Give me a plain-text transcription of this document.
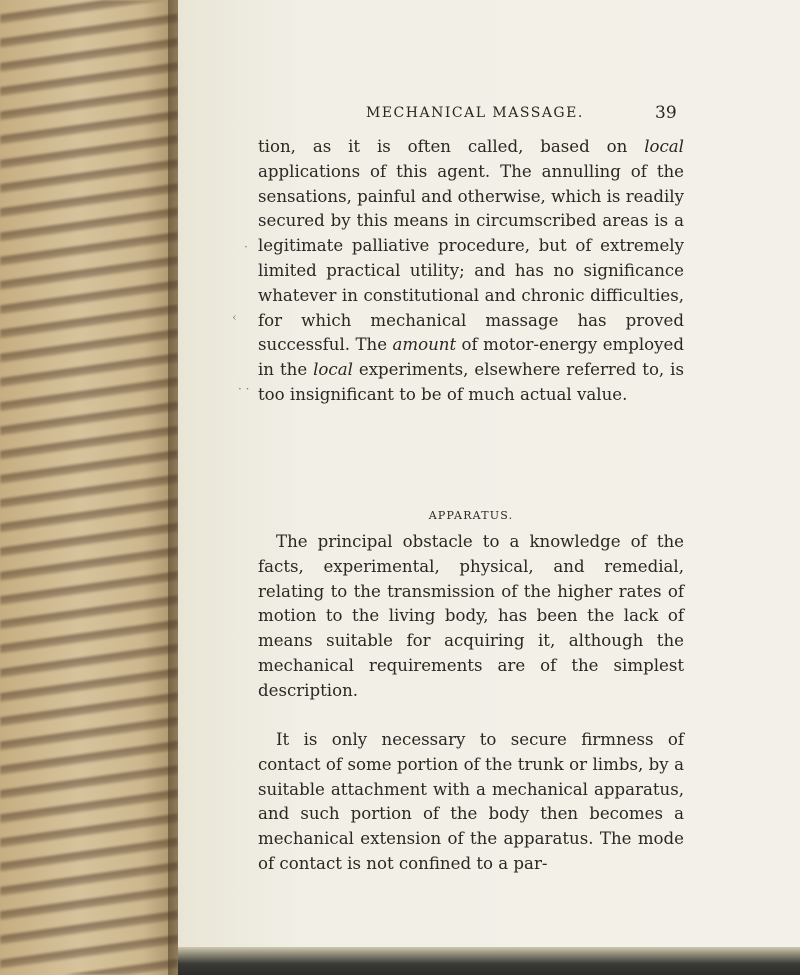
·
‹
· ·
MECHANICAL MASSAGE.	39

tion, as it is often called, based on local applications of this agent. The annulling of the sensations, painful and otherwise, which is readily secured by this means in circumscribed areas is a legitimate palliative procedure, but of extremely limited practical utility; and has no significance whatever in constitutional and chronic difficulties, for which mechanical massage has proved successful. The amount of motor-energy employed in the local experiments, elsewhere referred to, is too insignificant to be of much actual value.

APPARATUS.

The principal obstacle to a knowledge of the facts, experimental, physical, and remedial, relating to the transmission of the higher rates of motion to the living body, has been the lack of means suitable for acquiring it, although the mechanical requirements are of the simplest description.

It is only necessary to secure firmness of contact of some portion of the trunk or limbs, by a suitable attachment with a mechanical apparatus, and such portion of the body then becomes a mechanical extension of the apparatus. The mode of contact is not confined to a par-
